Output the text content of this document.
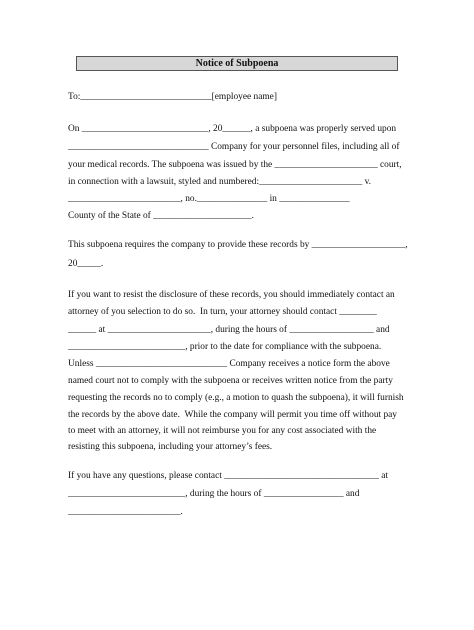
Notice of Subpoena
To:____________________________[employee name]
On ___________________________, 20______, a subpoena was properly served upon
______________________________ Company for your personnel files, including all of
your medical records. The subpoena was issued by the ______________________ court,
in connection with a lawsuit, styled and numbered:______________________ v.
________________________, no._______________ in _______________
County of the State of _____________________.
This subpoena requires the company to provide these records by ____________________,
20_____.
If you want to resist the disclosure of these records, you should immediately contact an
attorney of you selection to do so.  In turn, your attorney should contact ________
______ at ______________________, during the hours of __________________ and
_________________________, prior to the date for compliance with the subpoena.
Unless ____________________________ Company receives a notice form the above
named court not to comply with the subpoena or receives written notice from the party
requesting the records no to comply (e.g., a motion to quash the subpoena), it will furnish
the records by the above date.  While the company will permit you time off without pay
to meet with an attorney, it will not reimburse you for any cost associated with the
resisting this subpoena, including your attorney’s fees.
If you have any questions, please contact _________________________________ at
_________________________, during the hours of _________________ and
________________________.
